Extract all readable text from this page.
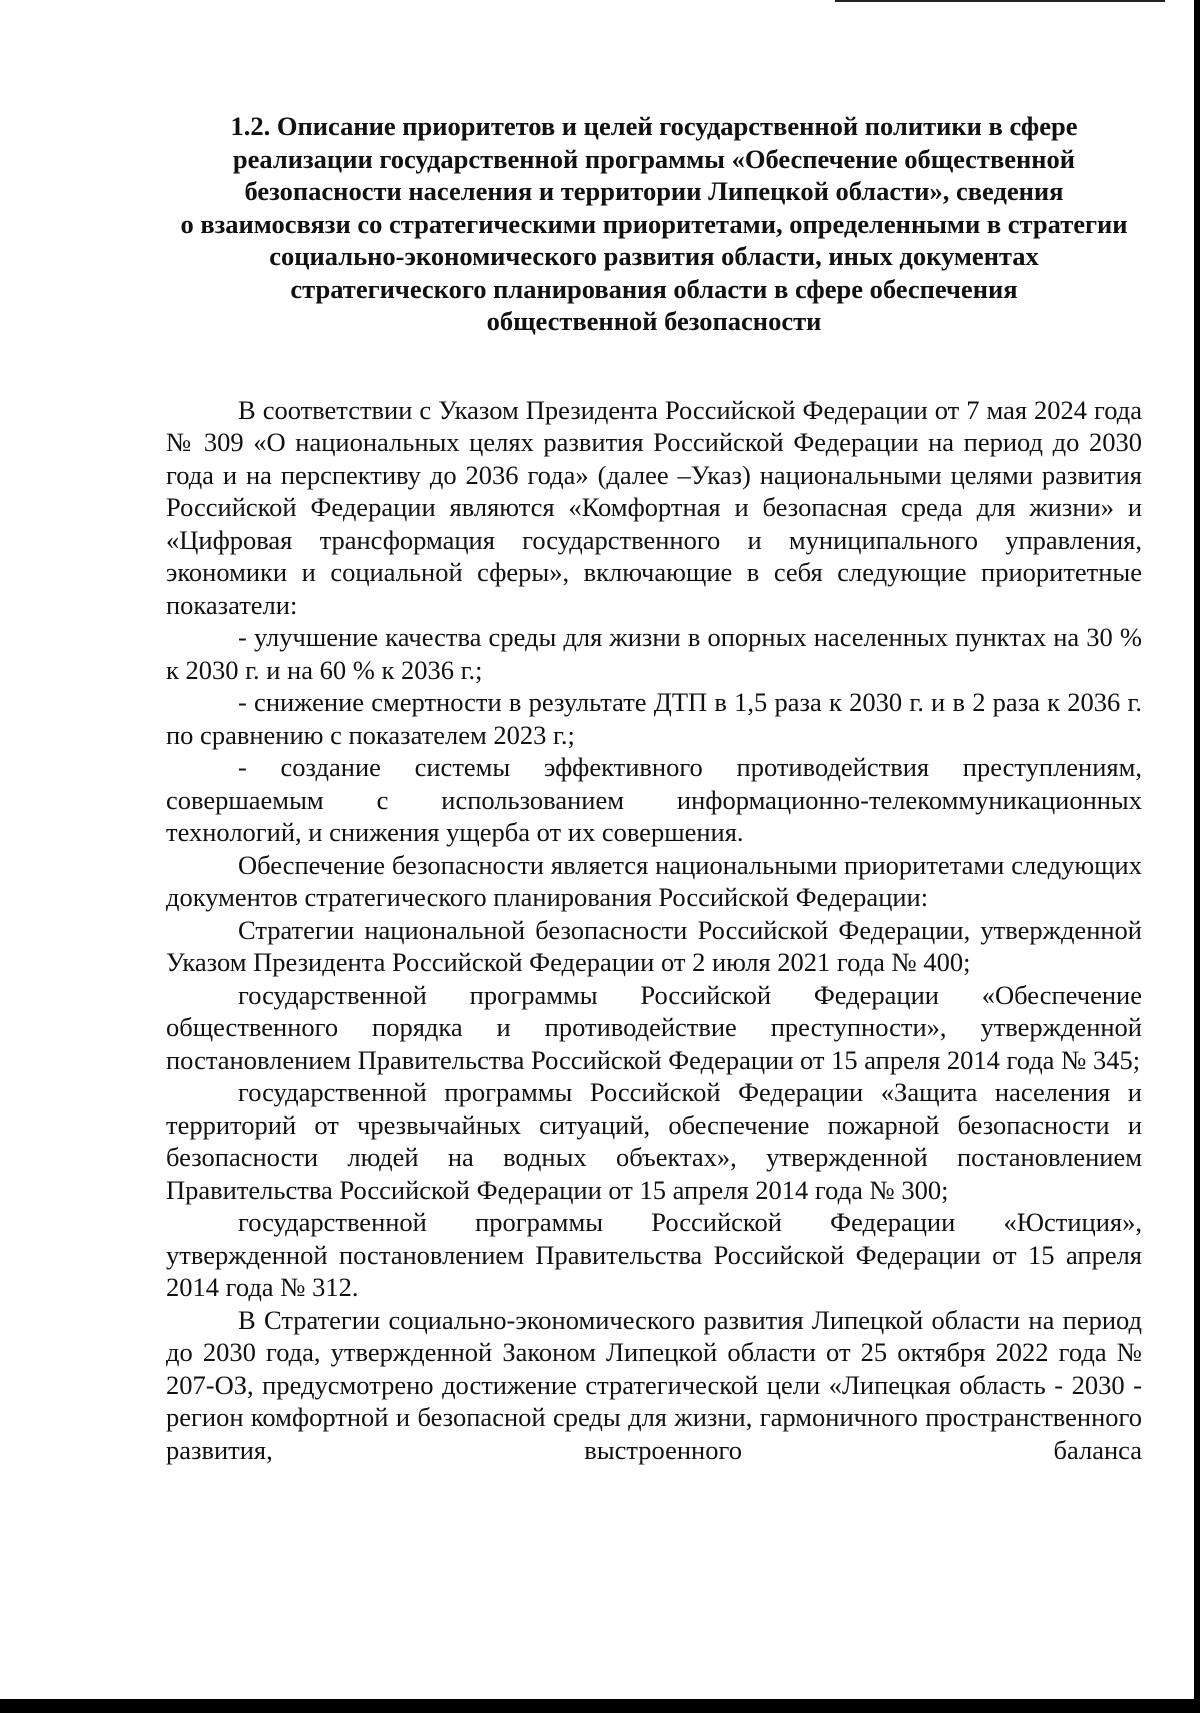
1.2. Описание приоритетов и целей государственной политики в сфере
реализации государственной программы «Обеспечение общественной
безопасности населения и территории Липецкой области», сведения
о взаимосвязи со стратегическими приоритетами, определенными в стратегии
социально-экономического развития области, иных документах
стратегического планирования области в сфере обеспечения
общественной безопасности

В соответствии с Указом Президента Российской Федерации от 7 мая 2024 года № 309 «О национальных целях развития Российской Федерации на период до 2030 года и на перспективу до 2036 года» (далее –Указ) национальными целями развития Российской Федерации являются «Комфортная и безопасная среда для жизни» и «Цифровая трансформация государственного и муниципального управления, экономики и социальной сферы», включающие в себя следующие приоритетные показатели:

- улучшение качества среды для жизни в опорных населенных пунктах на 30 % к 2030 г. и на 60 % к 2036 г.;

- снижение смертности в результате ДТП в 1,5 раза к 2030 г. и в 2 раза к 2036 г. по сравнению с показателем 2023 г.;

- создание системы эффективного противодействия преступлениям, совершаемым с использованием информационно-телекоммуникационных технологий, и снижения ущерба от их совершения.

Обеспечение безопасности является национальными приоритетами следующих документов стратегического планирования Российской Федерации:

Стратегии национальной безопасности Российской Федерации, утвержденной Указом Президента Российской Федерации от 2 июля 2021 года № 400;

государственной программы Российской Федерации «Обеспечение общественного порядка и противодействие преступности», утвержденной постановлением Правительства Российской Федерации от 15 апреля 2014 года № 345;

государственной программы Российской Федерации «Защита населения и территорий от чрезвычайных ситуаций, обеспечение пожарной безопасности и безопасности людей на водных объектах», утвержденной постановлением Правительства Российской Федерации от 15 апреля 2014 года № 300;

государственной программы Российской Федерации «Юстиция», утвержденной постановлением Правительства Российской Федерации от 15 апреля 2014 года № 312.

В Стратегии социально-экономического развития Липецкой области на период до 2030 года, утвержденной Законом Липецкой области от 25 октября 2022 года № 207-ОЗ, предусмотрено достижение стратегической цели «Липецкая область - 2030 - регион комфортной и безопасной среды для жизни, гармоничного пространственного развития, выстроенного баланса
